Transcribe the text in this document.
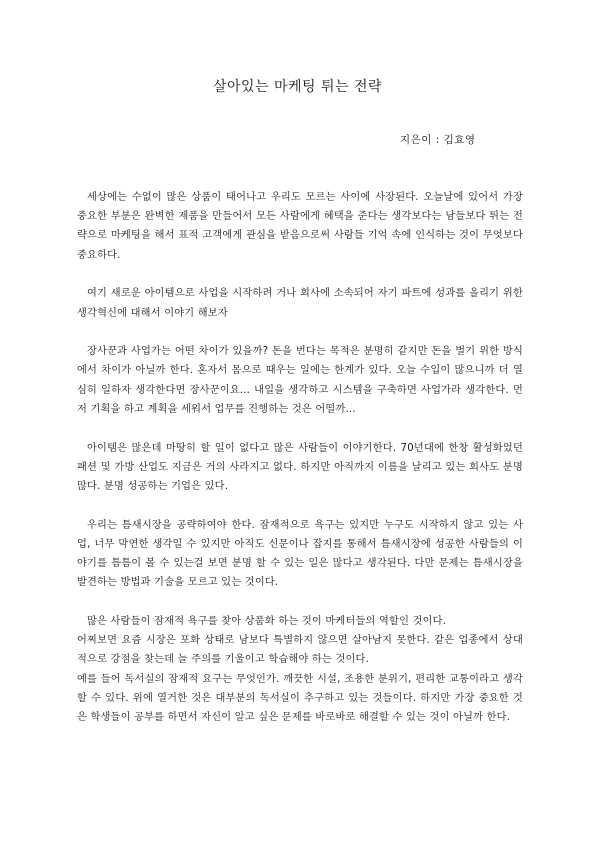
살아있는 마케팅 튀는 전략
지은이 : 김효영

세상에는 수없이 많은 상품이 태어나고 우리도 모르는 사이에 사장된다. 오늘날에 있어서 가장 중요한 부분은 완벽한 제품을 만들어서 모든 사람에게 혜택을 준다는 생각보다는 남들보다 튀는 전략으로 마케팅을 해서 표적 고객에게 관심을 받음으로써 사람들 기억 속에 인식하는 것이 무엇보다 중요하다.

여기 새로운 아이템으로 사업을 시작하려 거나 회사에 소속되어 자기 파트에 성과를 올리기 위한 생각혁신에 대해서 이야기 해보자

장사꾼과 사업가는 어떤 차이가 있을까? 돈을 번다는 목적은 분명히 같지만 돈을 벌기 위한 방식에서 차이가 아닐까 한다. 혼자서 몸으로 때우는 일에는 한계가 있다. 오늘 수입이 많으니까 더 열심히 일하자 생각한다면 장사꾼이요... 내일을 생각하고 시스템을 구축하면 사업가라 생각한다. 먼저 기획을 하고 계획을 세워서 업무를 진행하는 것은 어떨까...

아이템은 많은데 마땅히 할 일이 없다고 많은 사람들이 이야기한다. 70년대에 한창 활성화었던 패션 및 가방 산업도 지금은 거의 사라지고 없다. 하지만 아직까지 이름을 날리고 있는 회사도 분명 많다. 분명 성공하는 기업은 있다.

우리는 틈새시장을 공략하여야 한다. 잠재적으로 욕구는 있지만 누구도 시작하지 않고 있는 사업, 너무 막연한 생각일 수 있지만 아직도 신문이나 잡지를 통해서 틈새시장에 성공한 사람들의 이야기를 틈틈이 볼 수 있는걸 보면 분명 할 수 있는 일은 많다고 생각된다. 다만 문제는 틈새시장을 발견하는 방법과 기술을 모르고 있는 것이다.

많은 사람들이 잠재적 욕구를 찾아 상품화 하는 것이 마케터들의 역할인 것이다.
어찌보면 요즘 시장은 포화 상태로 남보다 특별하지 않으면 살아남지 못한다. 같은 업종에서 상대적으로 강점을 찾는데 늘 주의를 기울이고 학습해야 하는 것이다.
예를 들어 독서실의 잠재적 요구는 무엇인가. 깨끗한 시설, 조용한 분위기, 편리한 교통이라고 생각할 수 있다. 위에 열거한 것은 대부분의 독서실이 추구하고 있는 것들이다. 하지만 가장 중요한 것은 학생들이 공부를 하면서 자신이 알고 싶은 문제를 바로바로 해결할 수 있는 것이 아닐까 한다.
